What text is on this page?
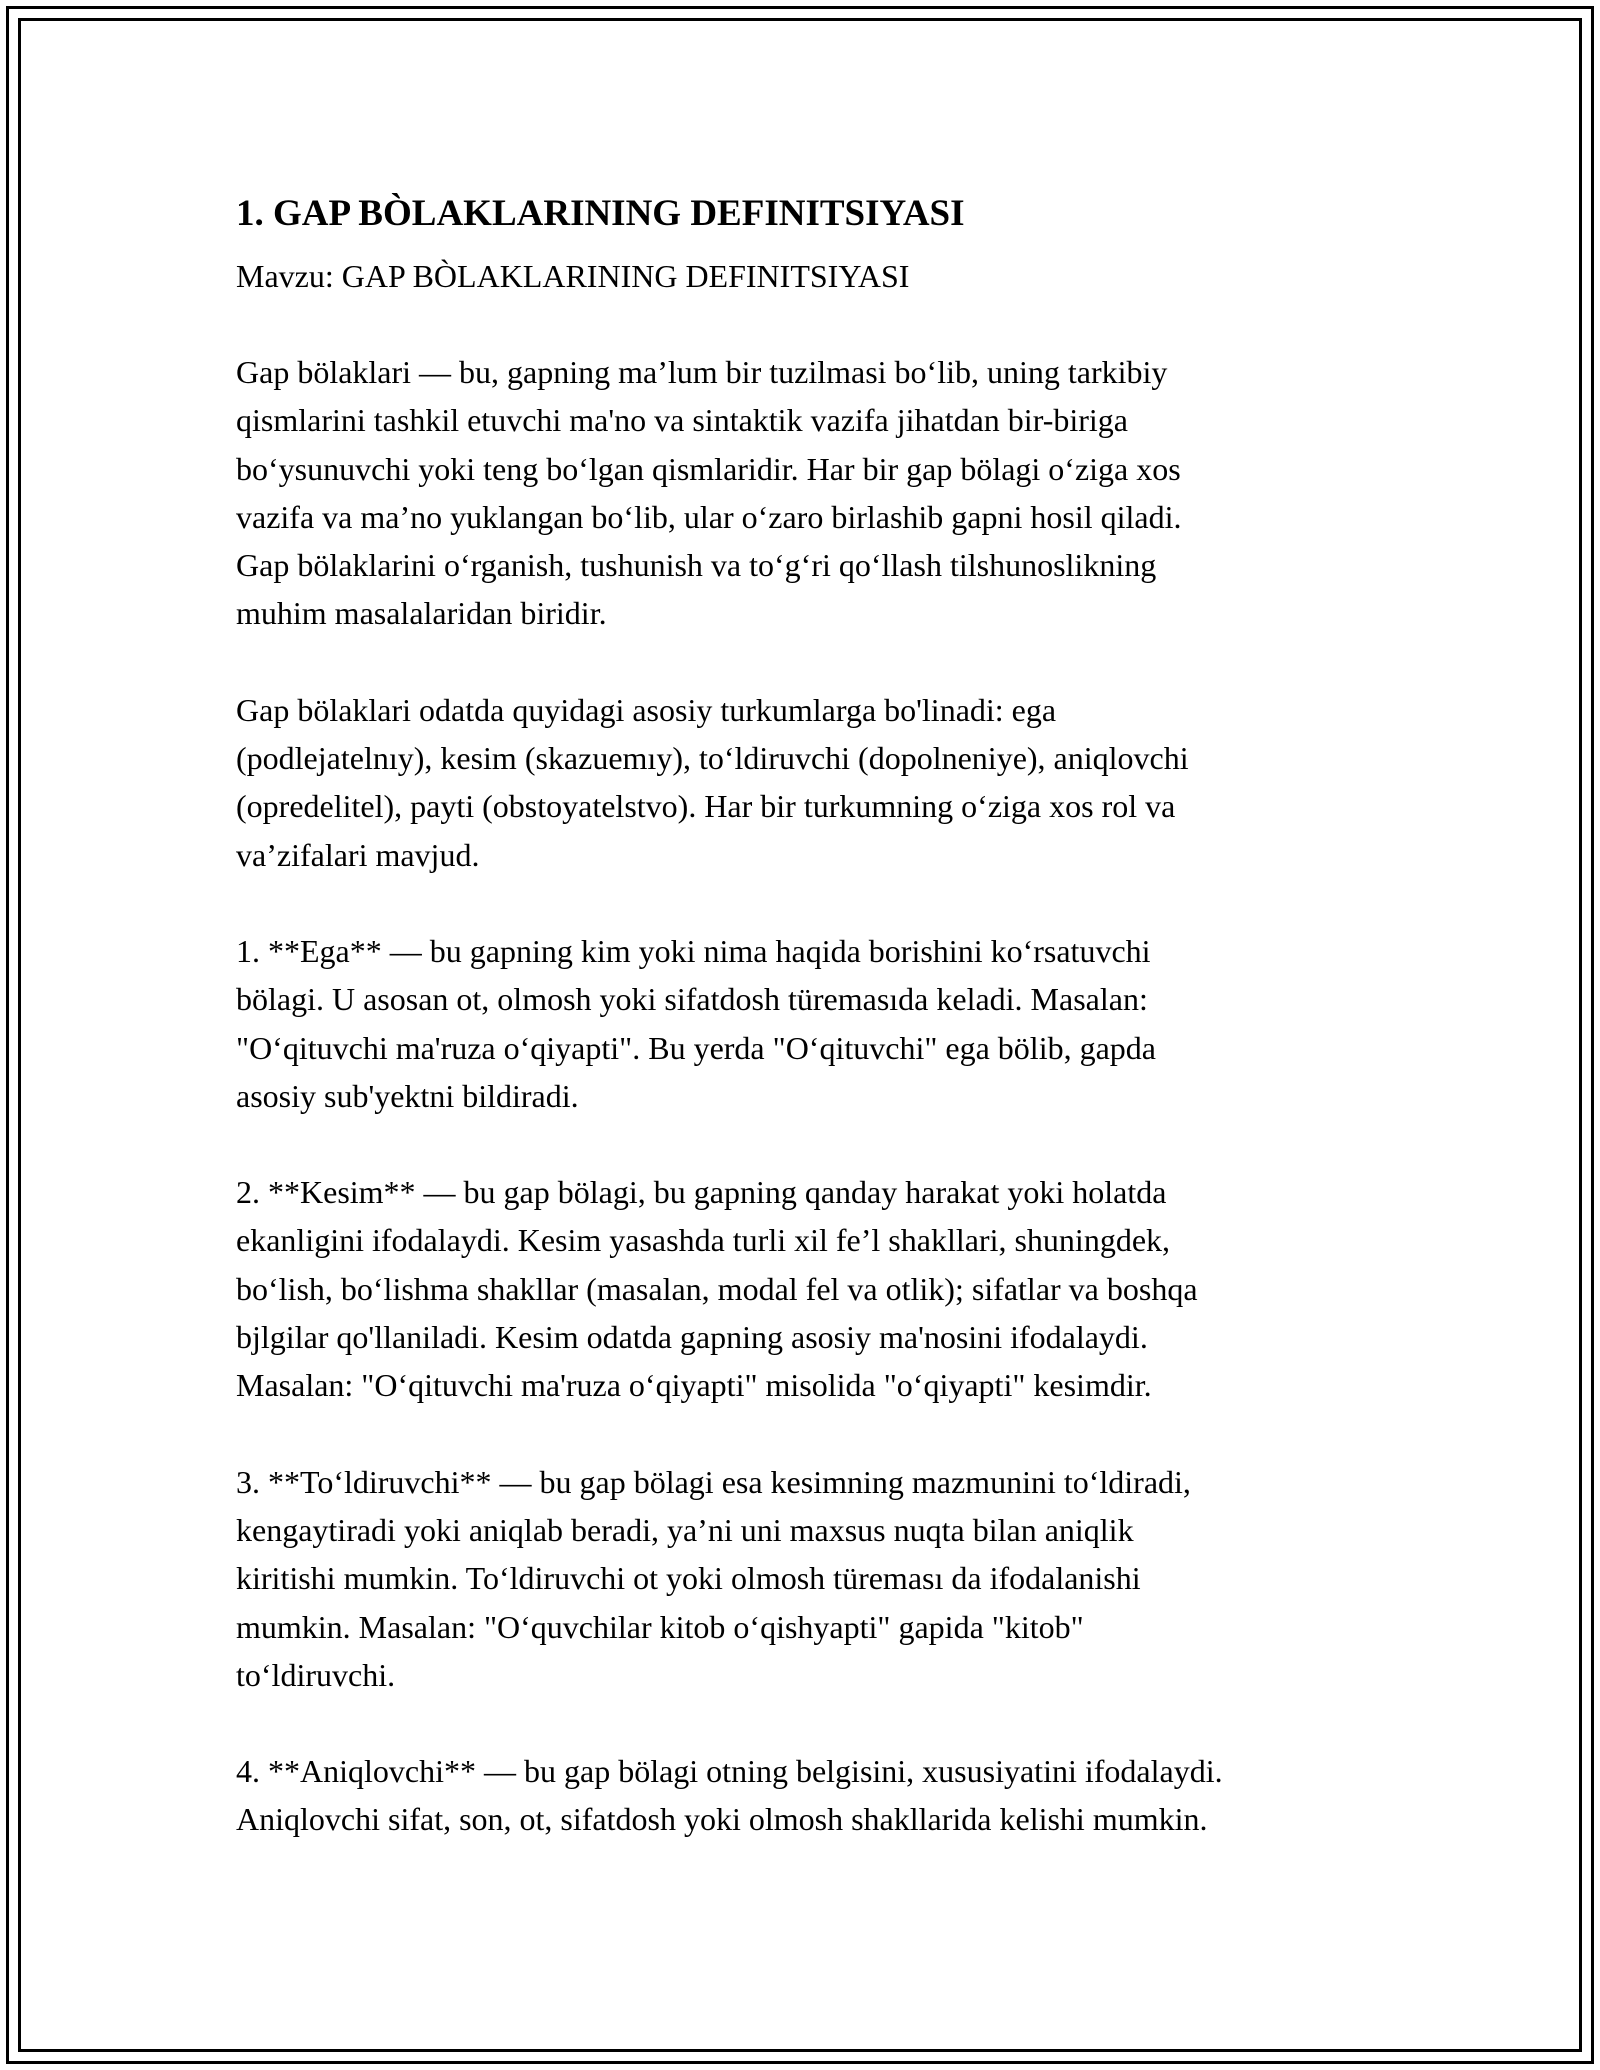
1. GAP BÒLAKLARINING DEFINITSIYASI

Mavzu: GAP BÒLAKLARINING DEFINITSIYASI

Gap bölaklari — bu, gapning ma’lum bir tuzilmasi bo‘lib, uning tarkibiy
qismlarini tashkil etuvchi ma'no va sintaktik vazifa jihatdan bir-biriga
bo‘ysunuvchi yoki teng bo‘lgan qismlaridir. Har bir gap bölagi o‘ziga xos
vazifa va ma’no yuklangan bo‘lib, ular o‘zaro birlashib gapni hosil qiladi.
Gap bölaklarini o‘rganish, tushunish va to‘g‘ri qo‘llash tilshunoslikning
muhim masalalaridan biridir.

Gap bölaklari odatda quyidagi asosiy turkumlarga bo'linadi: ega
(podlejatelnıy), kesim (skazuemıy), to‘ldiruvchi (dopolneniye), aniqlovchi
(opredelitel), payti (obstoyatelstvo). Har bir turkumning o‘ziga xos rol va
va’zifalari mavjud.

1. **Ega** — bu gapning kim yoki nima haqida borishini ko‘rsatuvchi
bölagi. U asosan ot, olmosh yoki sifatdosh türemasıda keladi. Masalan:
"O‘qituvchi ma'ruza o‘qiyapti". Bu yerda "O‘qituvchi" ega bölib, gapda
asosiy sub'yektni bildiradi.

2. **Kesim** — bu gap bölagi, bu gapning qanday harakat yoki holatda
ekanligini ifodalaydi. Kesim yasashda turli xil fe’l shakllari, shuningdek,
bo‘lish, bo‘lishma shakllar (masalan, modal fel va otlik); sifatlar va boshqa
bjlgilar qo'llaniladi. Kesim odatda gapning asosiy ma'nosini ifodalaydi.
Masalan: "O‘qituvchi ma'ruza o‘qiyapti" misolida "o‘qiyapti" kesimdir.

3. **To‘ldiruvchi** — bu gap bölagi esa kesimning mazmunini to‘ldiradi,
kengaytiradi yoki aniqlab beradi, ya’ni uni maxsus nuqta bilan aniqlik
kiritishi mumkin. To‘ldiruvchi ot yoki olmosh türeması da ifodalanishi
mumkin. Masalan: "O‘quvchilar kitob o‘qishyapti" gapida "kitob"
to‘ldiruvchi.

4. **Aniqlovchi** — bu gap bölagi otning belgisini, xususiyatini ifodalaydi.
Aniqlovchi sifat, son, ot, sifatdosh yoki olmosh shakllarida kelishi mumkin.
